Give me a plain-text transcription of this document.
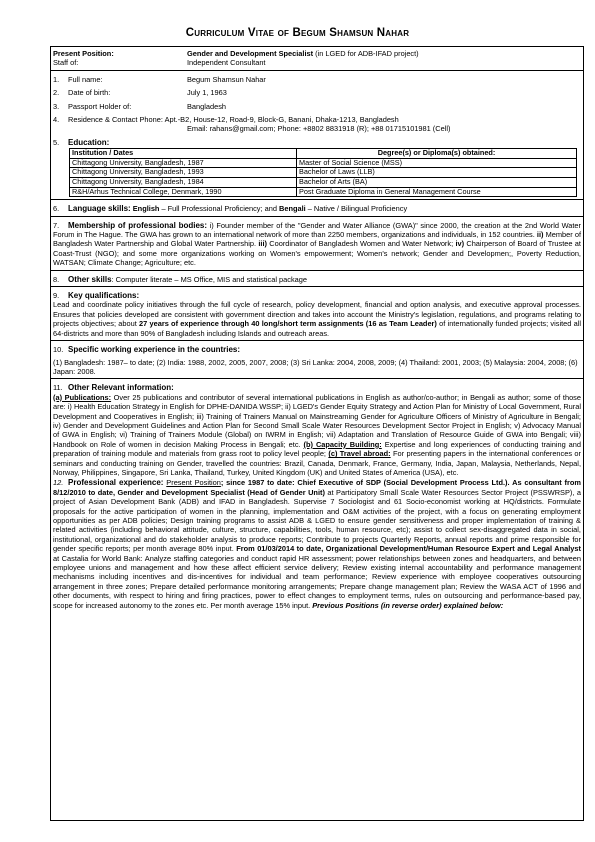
Curriculum Vitae of Begum Shamsun Nahar
Present Position:	Gender and Development Specialist (in LGED for ADB-IFAD project)
Staff of:	Independent Consultant
1. Full name:	Begum Shamsun Nahar
2. Date of birth:	July 1, 1963
3. Passport Holder of:	Bangladesh
4. Residence & Contact Phone: Apt.-B2, House-12, Road-9, Block-G, Banani, Dhaka-1213, Bangladesh
Email: rahans@gmail.com; Phone: +8802 8831918 (R); +88 01715101981 (Cell)
5. Education:
Institution / Dates	Degree(s) or Diploma(s) obtained:
Chittagong University, Bangladesh, 1987	Master of Social Science (MSS)
Chittagong University, Bangladesh, 1993	Bachelor of Laws (LLB)
Chittagong University, Bangladesh, 1984	Bachelor of Arts (BA)
R&H/Arhus Technical College, Denmark, 1990	Post Graduate Diploma in General Management Course
6. Language skills: English – Full Professional Proficiency; and Bengali – Native / Bilingual Proficiency
7. Membership of professional bodies: i) Founder member of the "Gender and Water Alliance (GWA)" since 2000, the creation at the 2nd World Water Forum in The Hague. The GWA has grown to an international network of more than 2250 members, organizations and individuals, in 152 countries. ii) Member of Bangladesh Water Partnership and Global Water Partnership. iii) Coordinator of Bangladesh Women and Water Network; iv) Chairperson of Board of Trustee at Coast-Trust (NGO); and some more organizations working on Women's empowerment; Women's network; Gender and Developmen;, Poverty Reduction, WATSAN; Climate Change; Agriculture; etc.
8. Other skills: Computer literate – MS Office, MIS and statistical package
9. Key qualifications:
Lead and coordinate policy initiatives through the full cycle of research, policy development, financial and option analysis, and executive approval processes. Ensures that policies developed are consistent with government direction and takes into account the Ministry's legislation, regulations, and programs relating to projects objectives; about 27 years of experience through 40 long/short term assignments (16 as Team Leader) of internationally funded projects; visited all 64-districts and more than 90% of Bangladesh including Islands and outreach areas.
10. Specific working experience in the countries:
(1) Bangladesh: 1987– to date; (2) India: 1988, 2002, 2005, 2007, 2008; (3) Sri Lanka: 2004, 2008, 2009; (4) Thailand: 2001, 2003; (5) Malaysia: 2004, 2008; (6) Japan: 2008.
11. Other Relevant information:
(a) Publications: Over 25 publications and contributor of several international publications in English as author/co-author; in Bengali as author; some of those are: i) Health Education Strategy in English for DPHE-DANIDA WSSP; ii) LGED's Gender Equity Strategy and Action Plan for Ministry of Local Government, Rural Development and Cooperatives in English; iii) Training of Trainers Manual on Mainstreaming Gender for Agriculture Officers of Ministry of Agriculture in Bengali; iv) Gender and Development Guidelines and Action Plan for Second Small Scale Water Resources Development Sector Project in English; v) Advocacy Manual of GWA in English; vi) Training of Trainers Module (Global) on IWRM in English; vii) Adaptation and Translation of Resource Guide of GWA into Bengali; viii) Handbook on Role of women in decision Making Process in Bengali; etc. (b) Capacity Building: Expertise and long experiences of conducting training and preparation of training module and materials from grass root to policy level people; (c) Travel abroad: For presenting papers in the international conferences or seminars and conducting training on Gender, travelled the countries: Brazil, Canada, Denmark, France, Germany, India, Japan, Malaysia, Netherlands, Nepal, Norway, Philippines, Singapore, Sri Lanka, Thailand, Turkey, United Kingdom (UK) and United States of America (USA), etc.
12. Professional experience: Present Position; since 1987 to date: Chief Executive of SDP (Social Development Process Ltd.). As consultant from 8/12/2010 to date, Gender and Development Specialist (Head of Gender Unit) at Participatory Small Scale Water Resources Sector Project (PSSWRSP), a project of Asian Development Bank (ADB) and IFAD in Bangladesh. Supervise 7 Sociologist and 61 Socio-economist working at HQ/districts. Formulate proposals for the active participation of women in the planning, implementation and O&M activities of the project, with a focus on generating employment opportunities as per ADB policies; Design training programs to assist ADB & LGED to ensure gender sensitiveness and proper implementation of training & related activities (including behavioral attitude, culture, structure, capabilities, tools, human resource, etc); assist to collect sex-disaggregated data in social, institutional, organizational and do stakeholder analysis to produce reports; Contribute to projects Quarterly Reports, annual reports and prime responsible for gender specific reports; per month average 80% input. From 01/03/2014 to date, Organizational Development/Human Resource Expert and Legal Analyst at Castalia for World Bank: Analyze staffing categories and conduct rapid HR assessment; power relationships between zones and headquarters, and between employee unions and management and how these affect efficient service delivery; Review existing internal accountability and performance management mechanisms including incentives and dis-incentives for individual and team performance; Review experience with employee cooperatives outsourcing arrangement in three zones; Prepare detailed performance monitoring arrangements; Prepare change management plan; Review the WASA ACT of 1996 and other documents, with respect to hiring and firing practices, power to effect changes to employment terms, rules on outsourcing and performance-based pay, scope for increased autonomy to the zones etc. Per month average 15% input. Previous Positions (in reverse order) explained below:
